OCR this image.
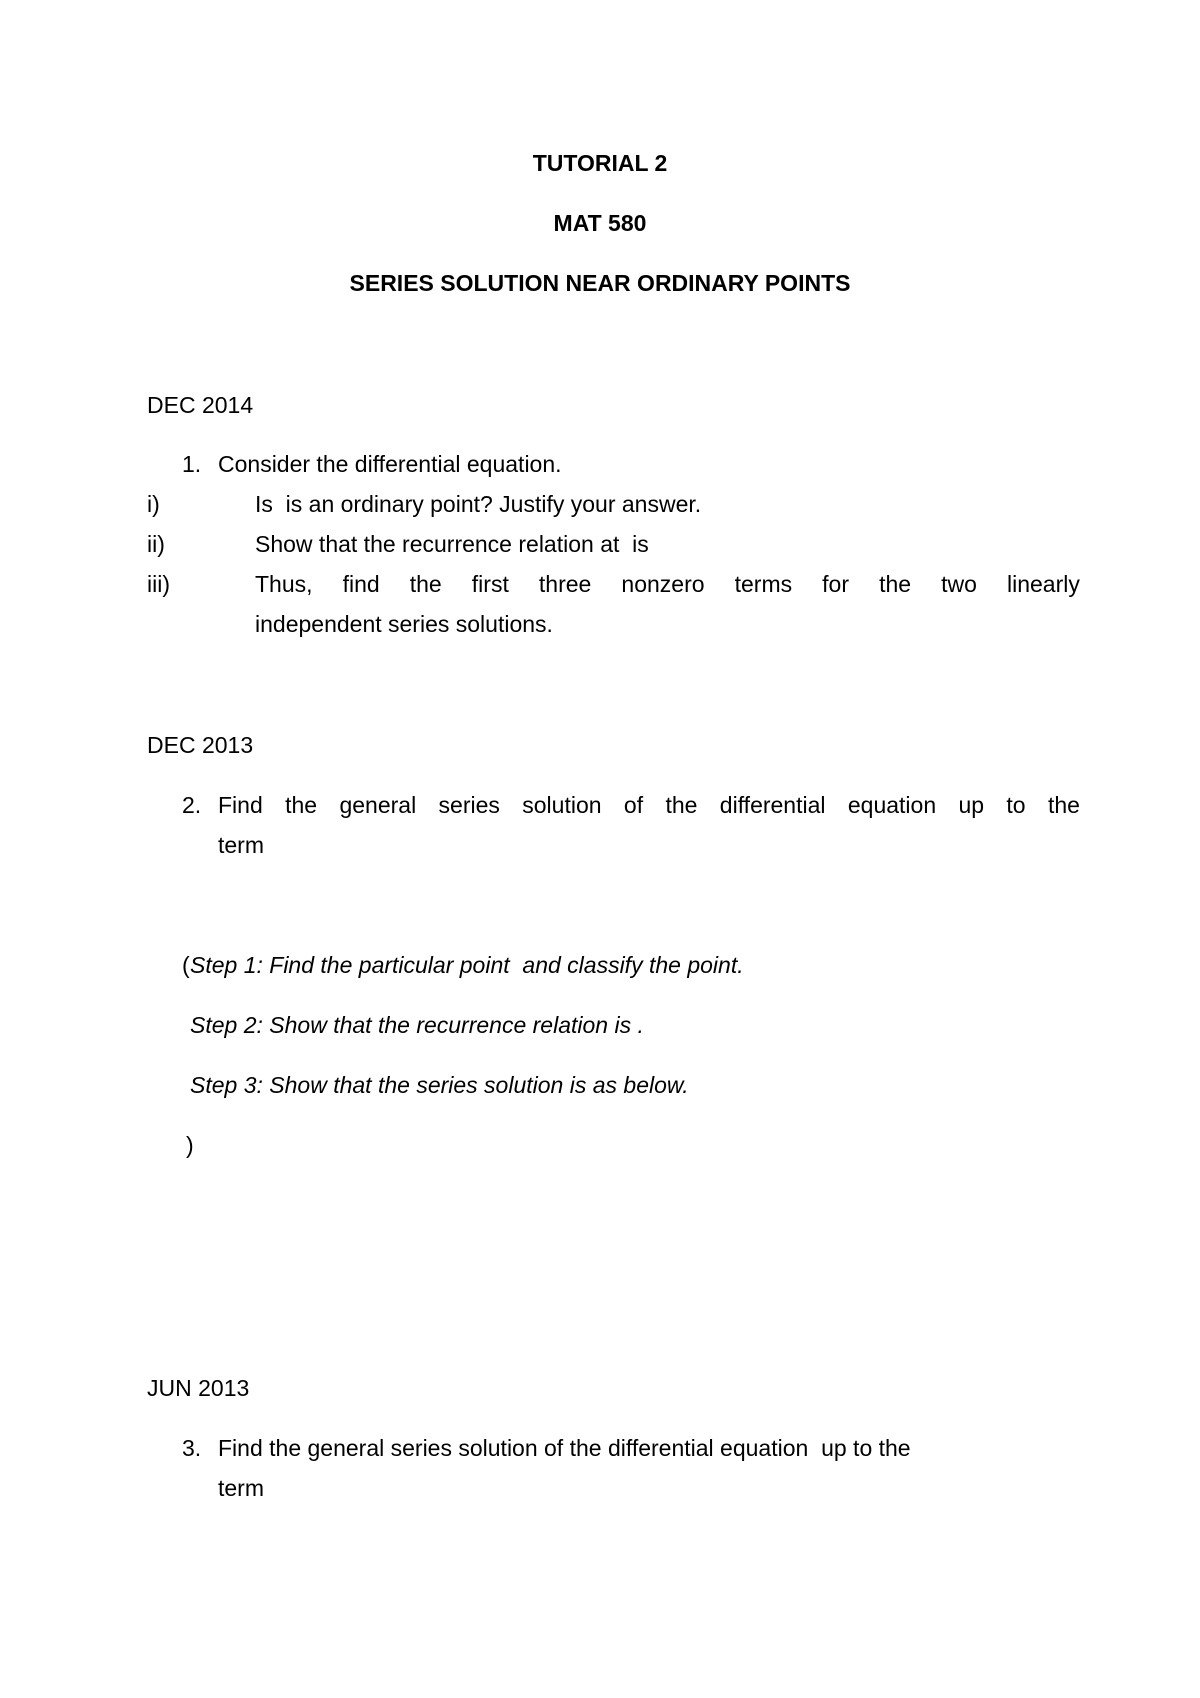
TUTORIAL 2
MAT 580
SERIES SOLUTION NEAR ORDINARY POINTS
DEC 2014
1. Consider the differential equation.
i)	Is  is an ordinary point? Justify your answer.
ii)	Show that the recurrence relation at  is
iii)	Thus, find the first three nonzero terms for the two linearly
independent series solutions.
DEC 2013
2. Find the general series solution of the differential equation up to the
term
( Step 1: Find the particular point  and classify the point.
Step 2: Show that the recurrence relation is .
Step 3: Show that the series solution is as below.
)
JUN 2013
3. Find the general series solution of the differential equation  up to the
term
